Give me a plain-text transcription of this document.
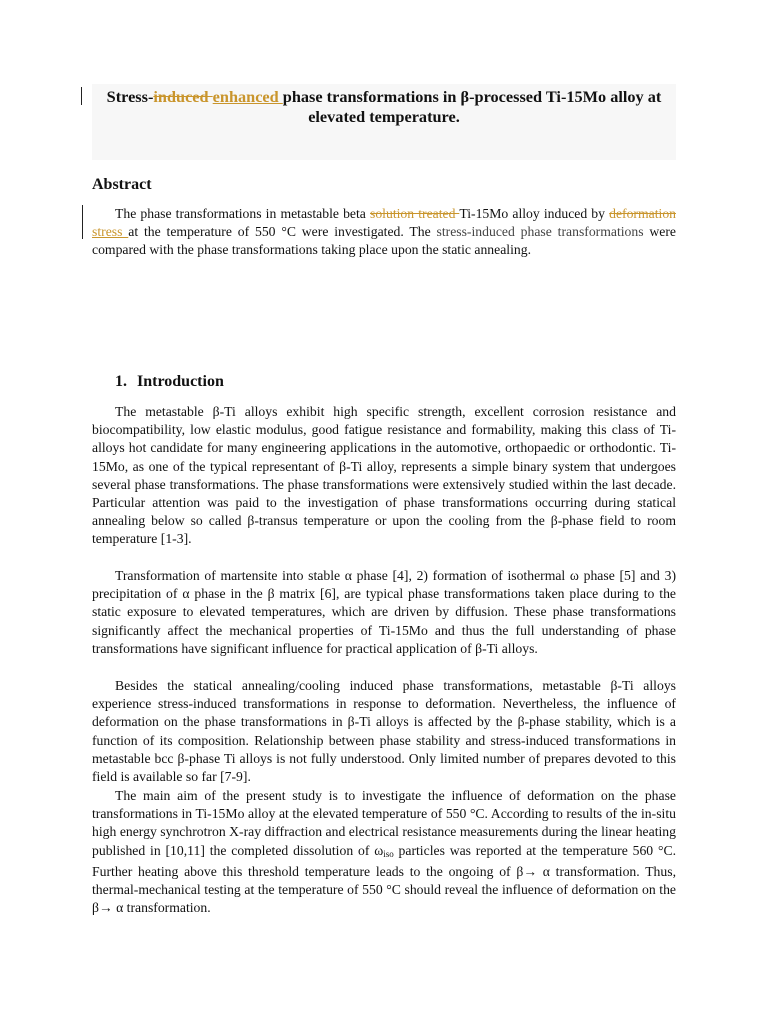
Stress-induced enhanced phase transformations in β-processed Ti-15Mo alloy at elevated temperature.
Abstract

The phase transformations in metastable beta solution treated Ti-15Mo alloy induced by deformation stress at the temperature of 550 °C were investigated. The stress-induced phase transformations were compared with the phase transformations taking place upon the static annealing.

1. Introduction

The metastable β-Ti alloys exhibit high specific strength, excellent corrosion resistance and biocompatibility, low elastic modulus, good fatigue resistance and formability, making this class of Ti-alloys hot candidate for many engineering applications in the automotive, orthopaedic or orthodontic. Ti-15Mo, as one of the typical representant of β-Ti alloy, represents a simple binary system that undergoes several phase transformations. The phase transformations were extensively studied within the last decade. Particular attention was paid to the investigation of phase transformations occurring during statical annealing below so called β-transus temperature or upon the cooling from the β-phase field to room temperature [1-3].

Transformation of martensite into stable α phase [4], 2) formation of isothermal ω phase [5] and 3) precipitation of α phase in the β matrix [6], are typical phase transformations taken place during to the static exposure to elevated temperatures, which are driven by diffusion. These phase transformations significantly affect the mechanical properties of Ti-15Mo and thus the full understanding of phase transformations have significant influence for practical application of β-Ti alloys.

Besides the statical annealing/cooling induced phase transformations, metastable β-Ti alloys experience stress-induced transformations in response to deformation. Nevertheless, the influence of deformation on the phase transformations in β-Ti alloys is affected by the β-phase stability, which is a function of its composition. Relationship between phase stability and stress-induced transformations in metastable bcc β-phase Ti alloys is not fully understood. Only limited number of prepares devoted to this field is available so far [7-9].

The main aim of the present study is to investigate the influence of deformation on the phase transformations in Ti-15Mo alloy at the elevated temperature of 550 °C. According to results of the in-situ high energy synchrotron X-ray diffraction and electrical resistance measurements during the linear heating published in [10,11] the completed dissolution of $\omega_{iso}$ particles was reported at the temperature 560 °C. Further heating above this threshold temperature leads to the ongoing of β→ α transformation. Thus, thermal-mechanical testing at the temperature of 550 °C should reveal the influence of deformation on the β→ α transformation.
